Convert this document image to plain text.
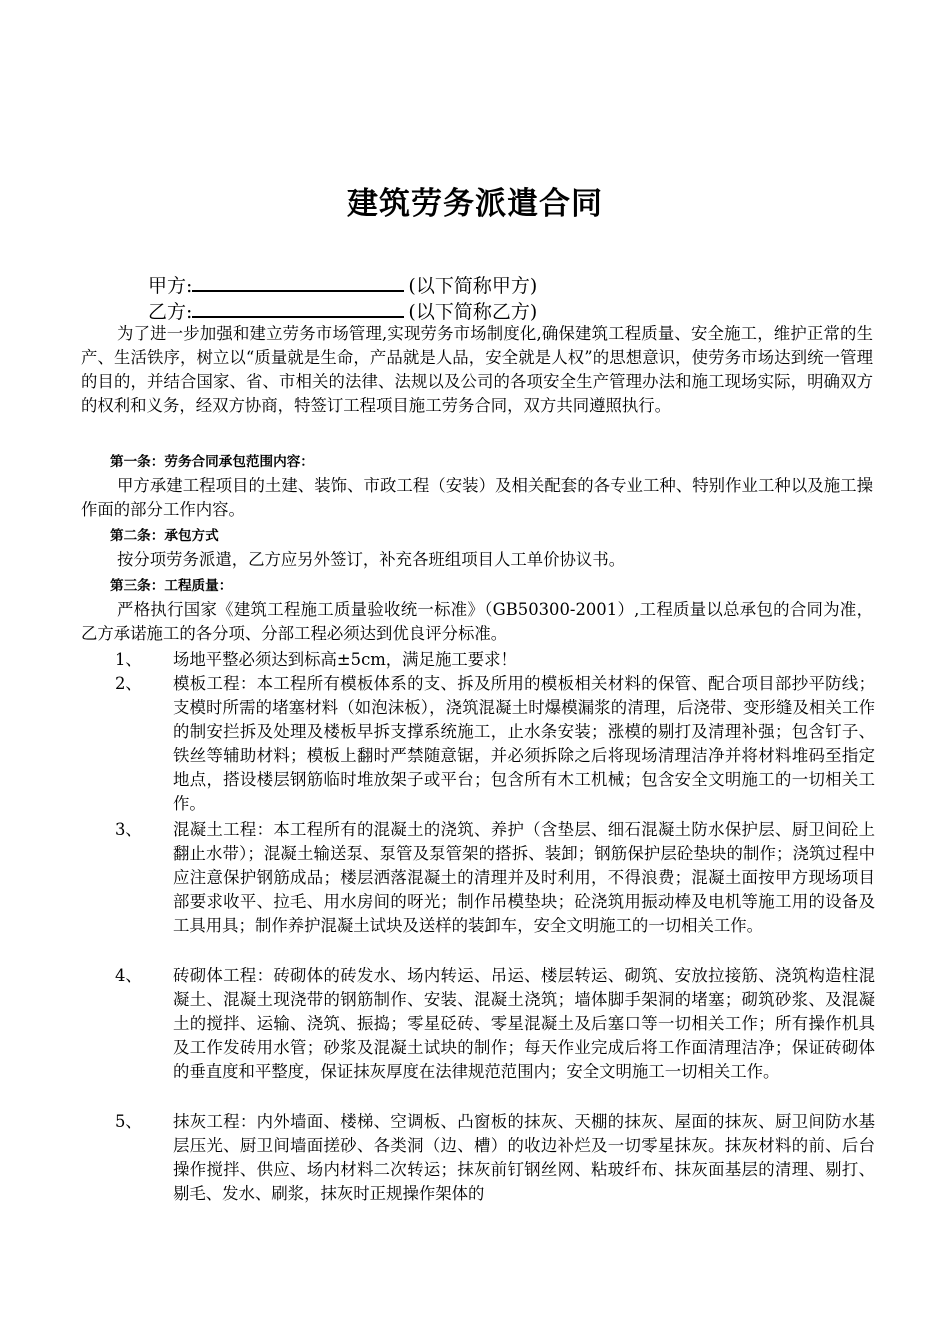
建筑劳务派遣合同
甲方:	(以下简称甲方)
乙方:	(以下简称乙方)
为了进一步加强和建立劳务市场管理,实现劳务市场制度化,确保建筑工程质量、安全施工，维护正常的生产、生活铁序，树立以“质量就是生命，产品就是人品，安全就是人权”的思想意识，使劳务市场达到统一管理的目的，并结合国家、省、市相关的法律、法规以及公司的各项安全生产管理办法和施工现场实际，明确双方的权利和义务，经双方协商，特签订工程项目施工劳务合同，双方共同遵照执行。
第一条：劳务合同承包范围内容：
甲方承建工程项目的土建、装饰、市政工程（安装）及相关配套的各专业工种、特别作业工种以及施工操作面的部分工作内容。
第二条：承包方式
按分项劳务派遣，乙方应另外签订，补充各班组项目人工单价协议书。
第三条：工程质量：
严格执行国家《建筑工程施工质量验收统一标准》（GB50300-2001）,工程质量以总承包的合同为准，乙方承诺施工的各分项、分部工程必须达到优良评分标准。
1、 场地平整必须达到标高±5cm，满足施工要求！
2、 模板工程：本工程所有模板体系的支、拆及所用的模板相关材料的保管、配合项目部抄平防线；支模时所需的堵塞材料（如泡沫板），浇筑混凝土时爆模漏浆的清理，后浇带、变形缝及相关工作的制安拦拆及处理及楼板早拆支撑系统施工，止水条安装；涨模的剔打及清理补强；包含钉子、铁丝等辅助材料；模板上翻时严禁随意锯，并必须拆除之后将现场清理洁净并将材料堆码至指定地点，搭设楼层钢筋临时堆放架子或平台；包含所有木工机械；包含安全文明施工的一切相关工作。
3、 混凝土工程：本工程所有的混凝土的浇筑、养护（含垫层、细石混凝土防水保护层、厨卫间砼上翻止水带）；混凝土输送泵、泵管及泵管架的搭拆、装卸；钢筋保护层砼垫块的制作；浇筑过程中应注意保护钢筋成品；楼层洒落混凝土的清理并及时利用，不得浪费；混凝土面按甲方现场项目部要求收平、拉毛、用水房间的呀光；制作吊模垫块；砼浇筑用振动棒及电机等施工用的设备及工具用具；制作养护混凝土试块及送样的装卸车，安全文明施工的一切相关工作。
4、 砖砌体工程：砖砌体的砖发水、场内转运、吊运、楼层转运、砌筑、安放拉接筋、浇筑构造柱混凝土、混凝土现浇带的钢筋制作、安装、混凝土浇筑；墙体脚手架洞的堵塞；砌筑砂浆、及混凝土的搅拌、运输、浇筑、振捣；零星砭砖、零星混凝土及后塞口等一切相关工作；所有操作机具及工作发砖用水管；砂浆及混凝土试块的制作；每天作业完成后将工作面清理洁净；保证砖砌体的垂直度和平整度，保证抹灰厚度在法律规范范围内；安全文明施工一切相关工作。
5、 抹灰工程：内外墙面、楼梯、空调板、凸窗板的抹灰、天棚的抹灰、屋面的抹灰、厨卫间防水基层压光、厨卫间墙面搓砂、各类洞（边、槽）的收边补烂及一切零星抹灰。抹灰材料的前、后台操作搅拌、供应、场内材料二次转运；抹灰前钉钢丝网、粘玻纤布、抹灰面基层的清理、剔打、剔毛、发水、刷浆，抹灰时正规操作架体的
